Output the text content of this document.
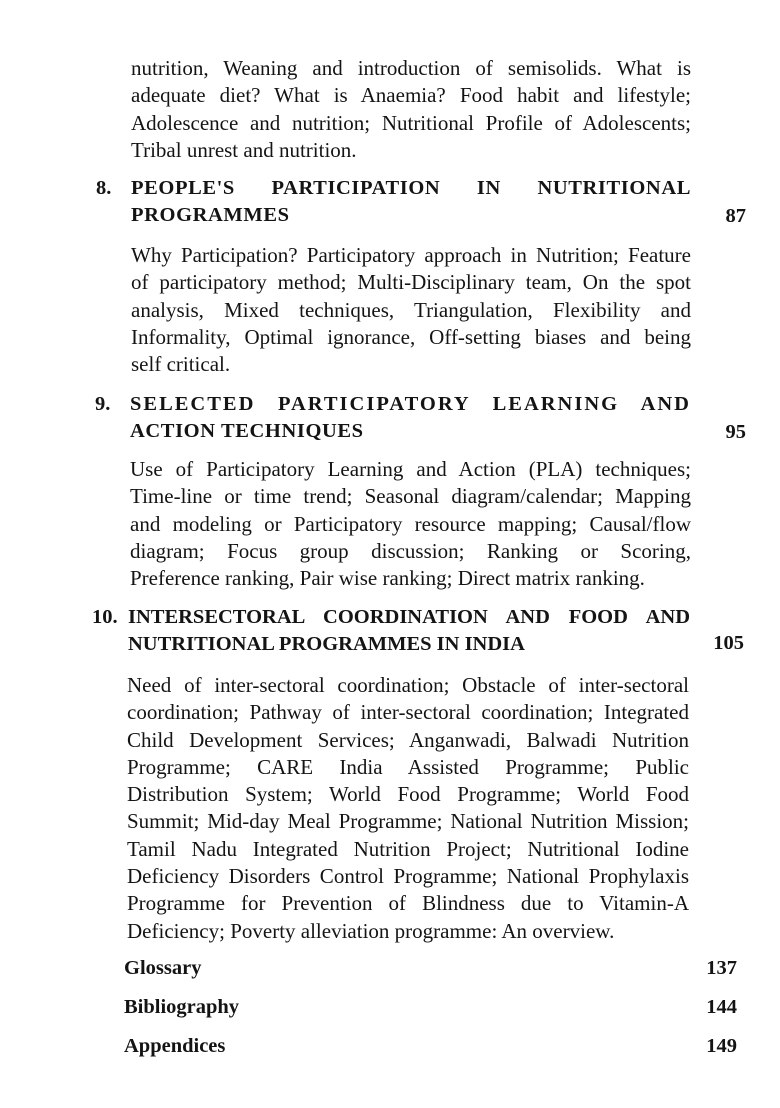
nutrition, Weaning and introduction of semisolids. What is
adequate diet? What is Anaemia? Food habit and lifestyle;
Adolescence and nutrition; Nutritional Profile of Adolescents;
Tribal unrest and nutrition.
8. PEOPLE'S PARTICIPATION IN NUTRITIONAL
PROGRAMMES	87
Why Participation? Participatory approach in Nutrition; Feature
of participatory method; Multi-Disciplinary team, On the spot
analysis, Mixed techniques, Triangulation, Flexibility and
Informality, Optimal ignorance, Off-setting biases and being
self critical.
9. SELECTED PARTICIPATORY LEARNING AND
ACTION TECHNIQUES	95
Use of Participatory Learning and Action (PLA) techniques;
Time-line or time trend; Seasonal diagram/calendar; Mapping
and modeling or Participatory resource mapping; Causal/flow
diagram; Focus group discussion; Ranking or Scoring,
Preference ranking, Pair wise ranking; Direct matrix ranking.
10. INTERSECTORAL COORDINATION AND FOOD AND
NUTRITIONAL PROGRAMMES IN INDIA	105
Need of inter-sectoral coordination; Obstacle of inter-sectoral
coordination; Pathway of inter-sectoral coordination; Integrated
Child Development Services; Anganwadi, Balwadi Nutrition
Programme; CARE India Assisted Programme; Public
Distribution System; World Food Programme; World Food
Summit; Mid-day Meal Programme; National Nutrition Mission;
Tamil Nadu Integrated Nutrition Project; Nutritional Iodine
Deficiency Disorders Control Programme; National Prophylaxis
Programme for Prevention of Blindness due to Vitamin-A
Deficiency; Poverty alleviation programme: An overview.
Glossary	137
Bibliography	144
Appendices	149
